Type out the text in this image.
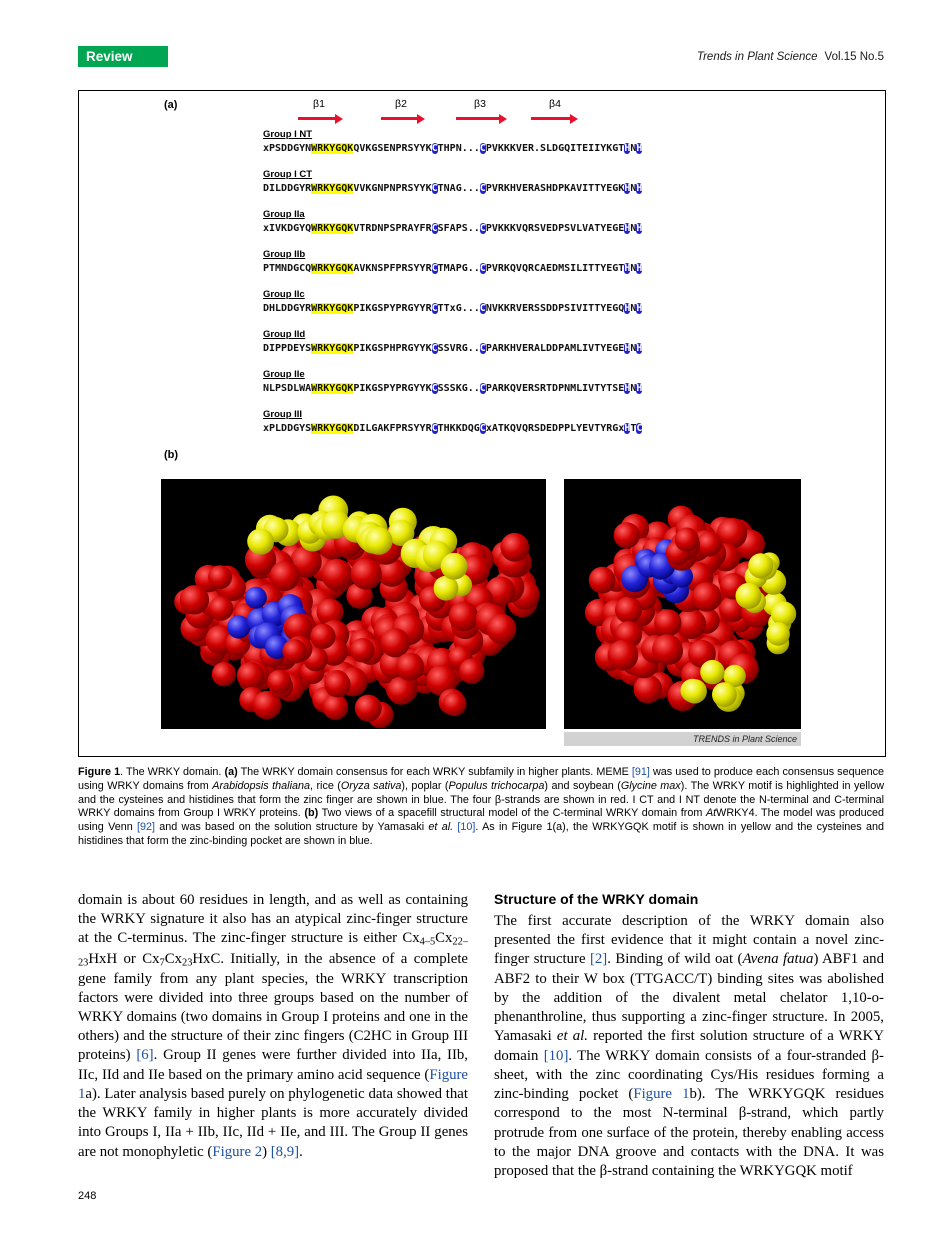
Review	Trends in Plant Science Vol.15 No.5
(a)	β1	β2	β3	β4
Group I NT
xPSDDGYNWRKYGQKQVKGSENPRSYYKCTHPN...CPVKKKVER.SLDGQITEIIYKGTHNH
Group I CT
DILDDGYRWRKYGQKVVKGNPNPRSYYKCTNAG...CPVRKHVERASHDPKAVITTYEGKHNH
Group IIa
xIVKDGYQWRKYGQKVTRDNPSPRAYFRCSFAPS..CPVKKKVQRSVEDPSVLVATYEGEHNH
Group IIb
PTMNDGCQWRKYGQKAVKNSPFPRSYYRCTMAPG..CPVRKQVQRCAEDMSILITTYEGTHNH
Group IIc
DHLDDGYRWRKYGQKPIKGSPYPRGYYRCTTxG...CNVKKRVERSSDDPSIVITTYEGQHNH
Group IId
DIPPDEYSWRKYGQKPIKGSPHPRGYYKCSSVRG..CPARKHVERALDDPAMLIVTYEGEHNH
Group IIe
NLPSDLWAWRKYGQKPIKGSPYPRGYYKCSSSKG..CPARKQVERSRTDPNMLIVTYTSEHNH
Group III
xPLDDGYSWRKYGQKDILGAKFPRSYYRCTHKKDQGCxATKQVQRSDEDPPLYEVTYRGxHTC
(b)
TRENDS in Plant Science
Figure 1. The WRKY domain. (a) The WRKY domain consensus for each WRKY subfamily in higher plants. MEME [91] was used to produce each consensus sequence using WRKY domains from Arabidopsis thaliana, rice (Oryza sativa), poplar (Populus trichocarpa) and soybean (Glycine max). The WRKY motif is highlighted in yellow and the cysteines and histidines that form the zinc finger are shown in blue. The four β-strands are shown in red. I CT and I NT denote the N-terminal and C-terminal WRKY domains from Group I WRKY proteins. (b) Two views of a spacefill structural model of the C-terminal WRKY domain from AtWRKY4. The model was produced using Venn [92] and was based on the solution structure by Yamasaki et al. [10]. As in Figure 1(a), the WRKYGQK motif is shown in yellow and the cysteines and histidines that form the zinc-binding pocket are shown in blue.
domain is about 60 residues in length, and as well as containing the WRKY signature it also has an atypical zinc-finger structure at the C-terminus. The zinc-finger structure is either Cx4–5Cx22–23HxH or Cx7Cx23HxC. Initially, in the absence of a complete gene family from any plant species, the WRKY transcription factors were divided into three groups based on the number of WRKY domains (two domains in Group I proteins and one in the others) and the structure of their zinc fingers (C2HC in Group III proteins) [6]. Group II genes were further divided into IIa, IIb, IIc, IId and IIe based on the primary amino acid sequence (Figure 1a). Later analysis based purely on phylogenetic data showed that the WRKY family in higher plants is more accurately divided into Groups I, IIa + IIb, IIc, IId + IIe, and III. The Group II genes are not monophyletic (Figure 2) [8,9].
Structure of the WRKY domain
The first accurate description of the WRKY domain also presented the first evidence that it might contain a novel zinc-finger structure [2]. Binding of wild oat (Avena fatua) ABF1 and ABF2 to their W box (TTGACC/T) binding sites was abolished by the addition of the divalent metal chelator 1,10-o-phenanthroline, thus supporting a zinc-finger structure. In 2005, Yamasaki et al. reported the first solution structure of a WRKY domain [10]. The WRKY domain consists of a four-stranded β-sheet, with the zinc coordinating Cys/His residues forming a zinc-binding pocket (Figure 1b). The WRKYGQK residues correspond to the most N-terminal β-strand, which partly protrude from one surface of the protein, thereby enabling access to the major DNA groove and contacts with the DNA. It was proposed that the β-strand containing the WRKYGQK motif
248
